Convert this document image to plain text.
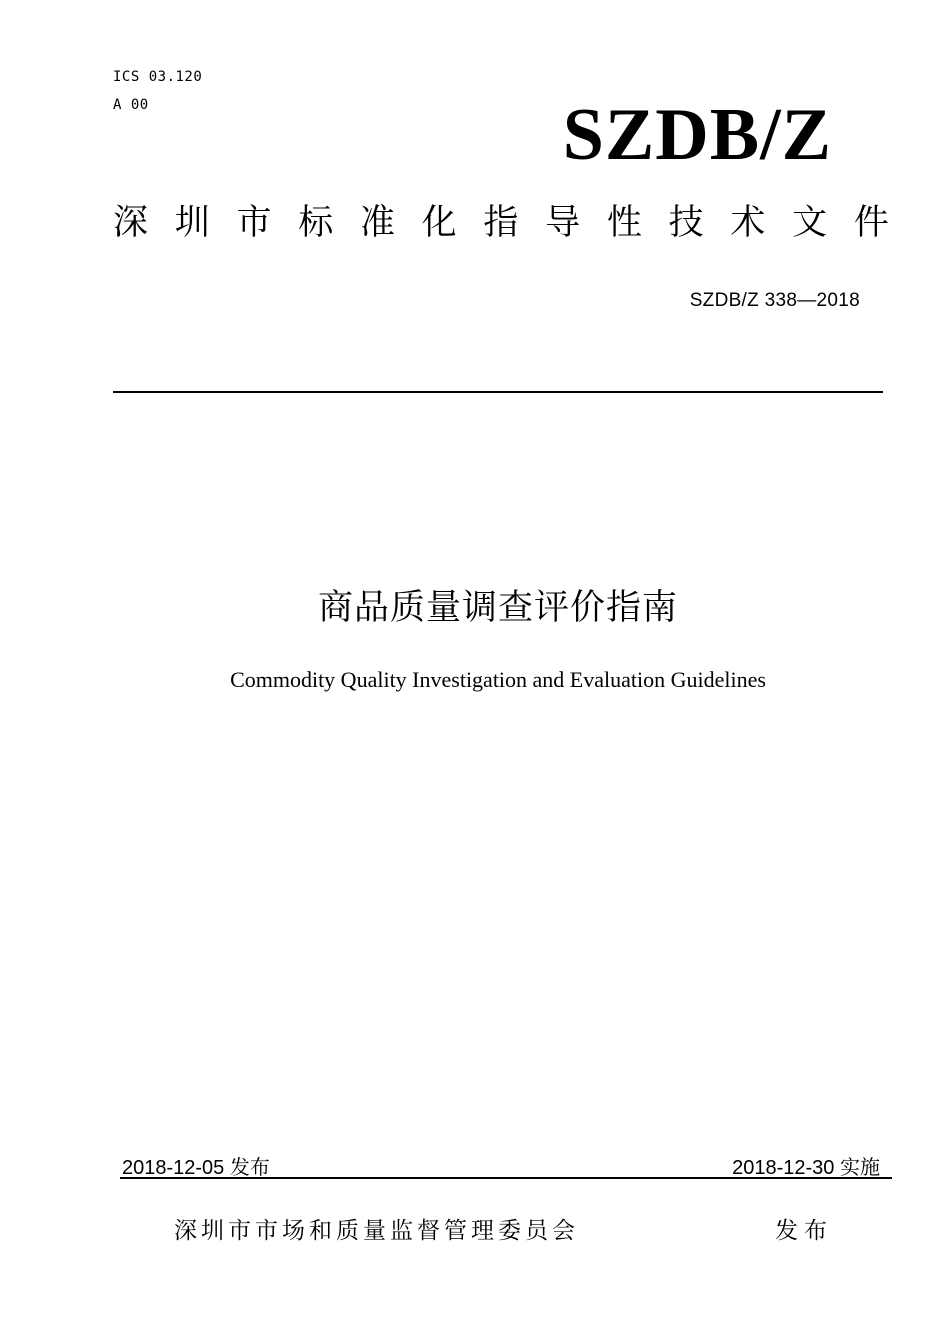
ICS 03.120
A 00	SZDB/Z
深 圳 市 标 准 化 指 导 性 技 术 文 件
SZDB/Z 338—2018
商品质量调查评价指南
Commodity Quality Investigation and Evaluation Guidelines
2018-12-05 发布	2018-12-30 实施
深圳市市场和质量监督管理委员会	发布
